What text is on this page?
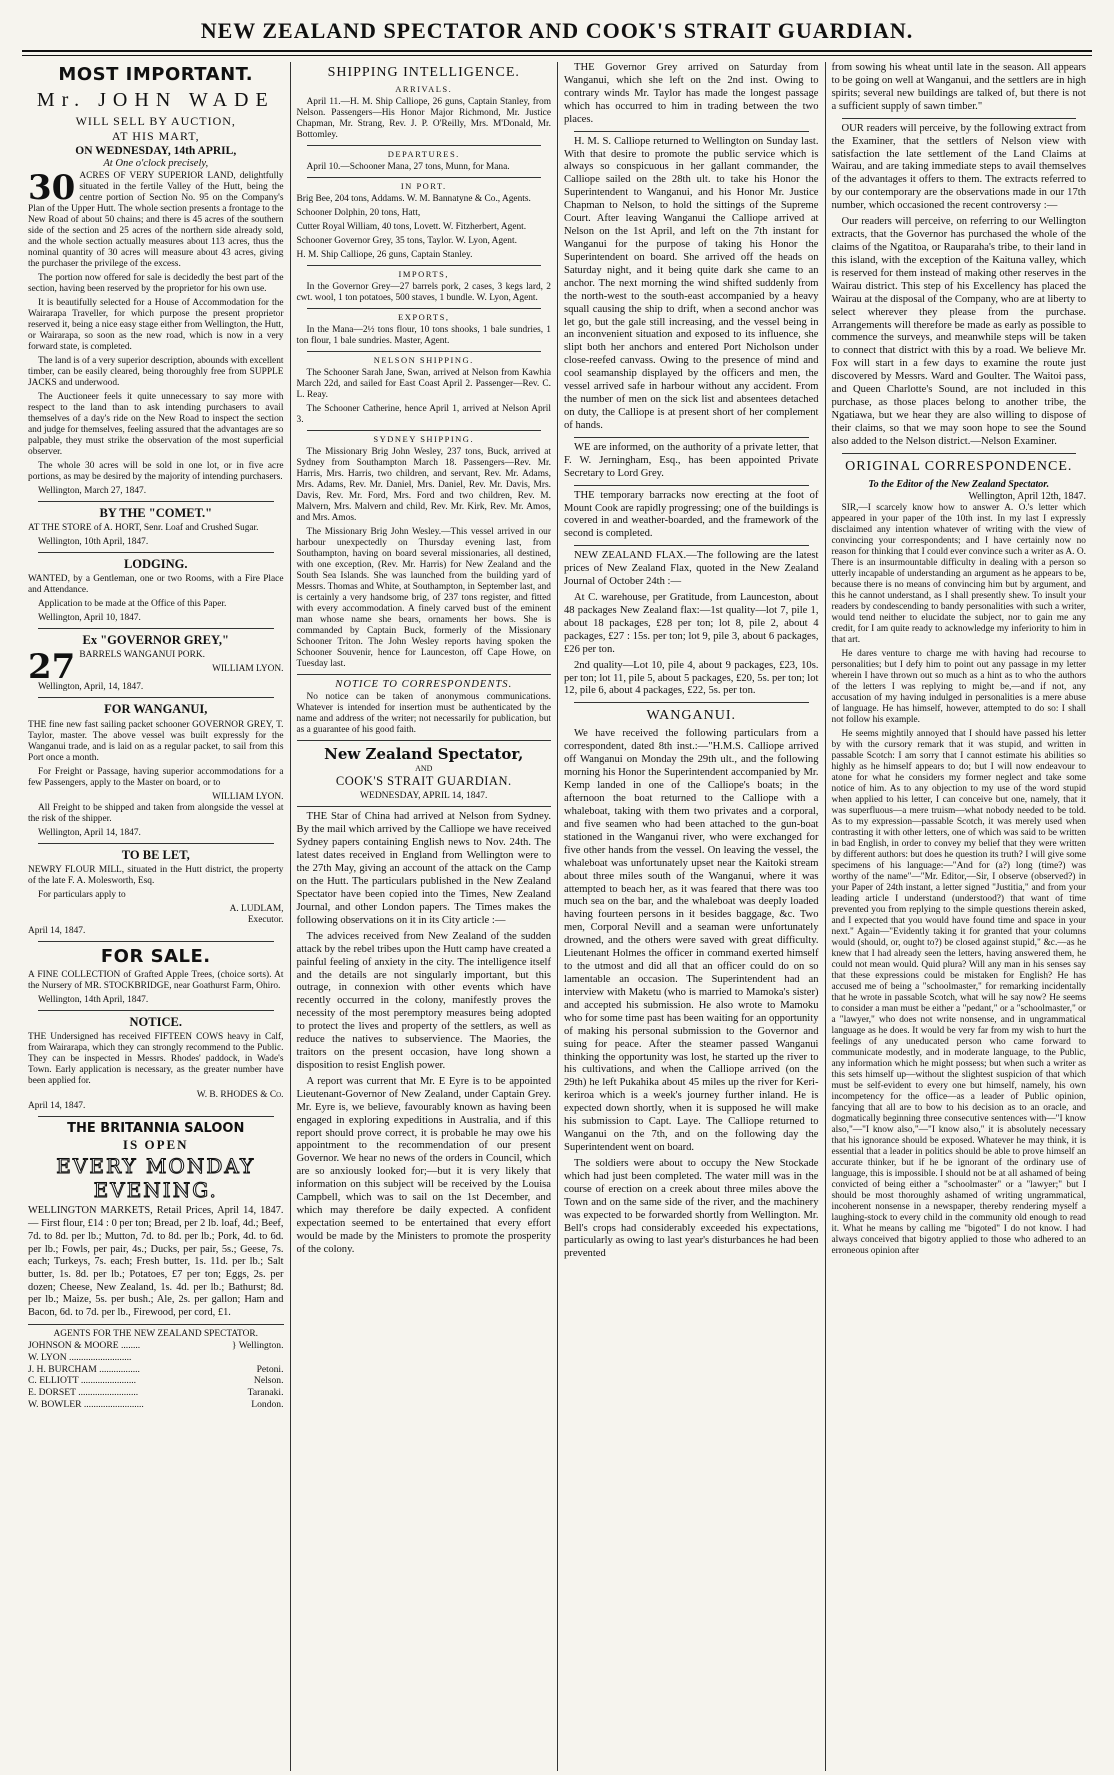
NEW ZEALAND SPECTATOR AND COOK'S STRAIT GUARDIAN.
MOST IMPORTANT.
Mr. JOHN WADE
WILL SELL BY AUCTION,
AT HIS MART,
ON WEDNESDAY, 14th APRIL,
At One o'clock precisely,
30 ACRES OF VERY SUPERIOR LAND, delightfully situated in the fertile Valley of the Hutt, being the centre portion of Section No. 95 on the Company's Plan of the Upper Hutt. The whole section presents a frontage to the New Road of about 50 chains; and there is 45 acres of the southern side of the section and 25 acres of the northern side already sold, and the whole section actually measures about 113 acres, thus the nominal quantity of 30 acres will measure about 43 acres, giving the purchaser the privilege of the excess.

The portion now offered for sale is decidedly the best part of the section, having been reserved by the proprietor for his own use.

It is beautifully selected for a House of Accommodation for the Wairarapa Traveller, for which purpose the present proprietor reserved it, being a nice easy stage either from Wellington, the Hutt, or Wairarapa, so soon as the new road, which is now in a very forward state, is completed.

The land is of a very superior description, abounds with excellent timber, can be easily cleared, being thoroughly free from SUPPLE JACKS and underwood.

The Auctioneer feels it quite unnecessary to say more with respect to the land than to ask intending purchasers to avail themselves of a day's ride on the New Road to inspect the section and judge for themselves, feeling assured that the advantages are so palpable, they must strike the observation of the most superficial observer.

The whole 30 acres will be sold in one lot, or in five acre portions, as may be desired by the majority of intending purchasers.

Wellington, March 27, 1847.

BY THE "COMET."

AT THE STORE of A. HORT, Senr. Loaf and Crushed Sugar.

Wellington, 10th April, 1847.

LODGING.

WANTED, by a Gentleman, one or two Rooms, with a Fire Place and Attendance.

Application to be made at the Office of this Paper.

Wellington, April 10, 1847.

Ex "GOVERNOR GREY,"
27 BARRELS WANGANUI PORK.

WILLIAM LYON.

Wellington, April, 14, 1847.

FOR WANGANUI,

THE fine new fast sailing packet schooner GOVERNOR GREY, T. Taylor, master. The above vessel was built expressly for the Wanganui trade, and is laid on as a regular packet, to sail from this Port once a month.

For Freight or Passage, having superior accommodations for a few Passengers, apply to the Master on board, or to

WILLIAM LYON.

All Freight to be shipped and taken from alongside the vessel at the risk of the shipper.

Wellington, April 14, 1847.

TO BE LET,

NEWRY FLOUR MILL, situated in the Hutt district, the property of the late F. A. Molesworth, Esq.

For particulars apply to

A. LUDLAM,
Executor.

April 14, 1847.

FOR SALE.

A FINE COLLECTION of Grafted Apple Trees, (choice sorts). At the Nursery of MR. STOCKBRIDGE, near Goathurst Farm, Ohiro.

Wellington, 14th April, 1847.

NOTICE.

THE Undersigned has received FIFTEEN COWS heavy in Calf, from Wairarapa, which they can strongly recommend to the Public. They can be inspected in Messrs. Rhodes' paddock, in Wade's Town. Early application is necessary, as the greater number have been applied for.

W. B. RHODES & Co.

April 14, 1847.

THE BRITANNIA SALOON
IS OPEN
EVERY MONDAY EVENING.

WELLINGTON MARKETS, Retail Prices, April 14, 1847. — First flour, £14 : 0 per ton; Bread, per 2 lb. loaf, 4d.; Beef, 7d. to 8d. per lb.; Mutton, 7d. to 8d. per lb.; Pork, 4d. to 6d. per lb.; Fowls, per pair, 4s.; Ducks, per pair, 5s.; Geese, 7s. each; Turkeys, 7s. each; Fresh butter, 1s. 11d. per lb.; Salt butter, 1s. 8d. per lb.; Potatoes, £7 per ton; Eggs, 2s. per dozen; Cheese, New Zealand, 1s. 4d. per lb.; Bathurst; 8d. per lb.; Maize, 5s. per bush.; Ale, 2s. per gallon; Ham and Bacon, 6d. to 7d. per lb., Firewood, per cord, £1.

AGENTS FOR THE NEW ZEALAND SPECTATOR.
JOHNSON & MOORE ........	} Wellington.
W. LYON ..........................	
J. H. BURCHAM .................	Petoni.
C. ELLIOTT .......................	Nelson.
E. DORSET .........................	Taranaki.
W. BOWLER .........................	London.
SHIPPING INTELLIGENCE.
ARRIVALS.

April 11.—H. M. Ship Calliope, 26 guns, Captain Stanley, from Nelson. Passengers—His Honor Major Richmond, Mr. Justice Chapman, Mr. Strang, Rev. J. P. O'Reilly, Mrs. M'Donald, Mr. Bottomley.

DEPARTURES.

April 10.—Schooner Mana, 27 tons, Munn, for Mana.

IN PORT.

Brig Bee, 204 tons, Addams. W. M. Bannatyne & Co., Agents.

Schooner Dolphin, 20 tons, Hatt,

Cutter Royal William, 40 tons, Lovett. W. Fitzherbert, Agent.

Schooner Governor Grey, 35 tons, Taylor. W. Lyon, Agent.

H. M. Ship Calliope, 26 guns, Captain Stanley.

IMPORTS,

In the Governor Grey—27 barrels pork, 2 cases, 3 kegs lard, 2 cwt. wool, 1 ton potatoes, 500 staves, 1 bundle. W. Lyon, Agent.

EXPORTS,

In the Mana—2½ tons flour, 10 tons shooks, 1 bale sundries, 1 ton flour, 1 bale sundries. Master, Agent.

NELSON SHIPPING.

The Schooner Sarah Jane, Swan, arrived at Nelson from Kawhia March 22d, and sailed for East Coast April 2. Passenger—Rev. C. L. Reay.

The Schooner Catherine, hence April 1, arrived at Nelson April 3.

SYDNEY SHIPPING.

The Missionary Brig John Wesley, 237 tons, Buck, arrived at Sydney from Southampton March 18. Passengers—Rev. Mr. Harris, Mrs. Harris, two children, and servant, Rev. Mr. Adams, Mrs. Adams, Rev. Mr. Daniel, Mrs. Daniel, Rev. Mr. Davis, Mrs. Davis, Rev. Mr. Ford, Mrs. Ford and two children, Rev. M. Malvern, Mrs. Malvern and child, Rev. Mr. Kirk, Rev. Mr. Amos, and Mrs. Amos.

The Missionary Brig John Wesley.—This vessel arrived in our harbour unexpectedly on Thursday evening last, from Southampton, having on board several missionaries, all destined, with one exception, (Rev. Mr. Harris) for New Zealand and the South Sea Islands. She was launched from the building yard of Messrs. Thomas and White, at Southampton, in September last, and is certainly a very handsome brig, of 237 tons register, and fitted with every accommodation. A finely carved bust of the eminent man whose name she bears, ornaments her bows. She is commanded by Captain Buck, formerly of the Missionary Schooner Triton. The John Wesley reports having spoken the Schooner Souvenir, hence for Launceston, off Cape Howe, on Tuesday last.

NOTICE TO CORRESPONDENTS.

No notice can be taken of anonymous communications. Whatever is intended for insertion must be authenticated by the name and address of the writer; not necessarily for publication, but as a guarantee of his good faith.

New Zealand Spectator,
AND
COOK'S STRAIT GUARDIAN.
WEDNESDAY, APRIL 14, 1847.

THE Star of China had arrived at Nelson from Sydney. By the mail which arrived by the Calliope we have received Sydney papers containing English news to Nov. 24th. The latest dates received in England from Wellington were to the 27th May, giving an account of the attack on the Camp on the Hutt. The particulars published in the New Zealand Spectator have been copied into the Times, New Zealand Journal, and other London papers. The Times makes the following observations on it in its City article :—

The advices received from New Zealand of the sudden attack by the rebel tribes upon the Hutt camp have created a painful feeling of anxiety in the city. The intelligence itself and the details are not singularly important, but this outrage, in connexion with other events which have recently occurred in the colony, manifestly proves the necessity of the most peremptory measures being adopted to protect the lives and property of the settlers, as well as reduce the natives to subservience. The Maories, the traitors on the present occasion, have long shown a disposition to resist English power.

A report was current that Mr. E Eyre is to be appointed Lieutenant-Governor of New Zealand, under Captain Grey. Mr. Eyre is, we believe, favourably known as having been engaged in exploring expeditions in Australia, and if this report should prove correct, it is probable he may owe his appointment to the recommendation of our present Governor. We hear no news of the orders in Council, which are so anxiously looked for;—but it is very likely that information on this subject will be received by the Louisa Campbell, which was to sail on the 1st December, and which may therefore be daily expected. A confident expectation seemed to be entertained that every effort would be made by the Ministers to promote the prosperity of the colony.

THE Governor Grey arrived on Saturday from Wanganui, which she left on the 2nd inst. Owing to contrary winds Mr. Taylor has made the longest passage which has occurred to him in trading between the two places.

H. M. S. Calliope returned to Wellington on Sunday last. With that desire to promote the public service which is always so conspicuous in her gallant commander, the Calliope sailed on the 28th ult. to take his Honor the Superintendent to Wanganui, and his Honor Mr. Justice Chapman to Nelson, to hold the sittings of the Supreme Court. After leaving Wanganui the Calliope arrived at Nelson on the 1st April, and left on the 7th instant for Wanganui for the purpose of taking his Honor the Superintendent on board. She arrived off the heads on Saturday night, and it being quite dark she came to an anchor. The next morning the wind shifted suddenly from the north-west to the south-east accompanied by a heavy squall causing the ship to drift, when a second anchor was let go, but the gale still increasing, and the vessel being in an inconvenient situation and exposed to its influence, she slipt both her anchors and entered Port Nicholson under close-reefed canvass. Owing to the presence of mind and cool seamanship displayed by the officers and men, the vessel arrived safe in harbour without any accident. From the number of men on the sick list and absentees detached on duty, the Calliope is at present short of her complement of hands.

WE are informed, on the authority of a private letter, that F. W. Jerningham, Esq., has been appointed Private Secretary to Lord Grey.

THE temporary barracks now erecting at the foot of Mount Cook are rapidly progressing; one of the buildings is covered in and weather-boarded, and the framework of the second is completed.

NEW ZEALAND FLAX.—The following are the latest prices of New Zealand Flax, quoted in the New Zealand Journal of October 24th :—

At C. warehouse, per Gratitude, from Launceston, about 48 packages New Zealand flax:—1st quality—lot 7, pile 1, about 18 packages, £28 per ton; lot 8, pile 2, about 4 packages, £27 : 15s. per ton; lot 9, pile 3, about 6 packages, £26 per ton.

2nd quality—Lot 10, pile 4, about 9 packages, £23, 10s. per ton; lot 11, pile 5, about 5 packages, £20, 5s. per ton; lot 12, pile 6, about 4 packages, £22, 5s. per ton.

WANGANUI.

We have received the following particulars from a correspondent, dated 8th inst.:—"H.M.S. Calliope arrived off Wanganui on Monday the 29th ult., and the following morning his Honor the Superintendent accompanied by Mr. Kemp landed in one of the Calliope's boats; in the afternoon the boat returned to the Calliope with a whaleboat, taking with them two privates and a corporal, and five seamen who had been attached to the gun-boat stationed in the Wanganui river, who were exchanged for five other hands from the vessel. On leaving the vessel, the whaleboat was unfortunately upset near the Kaitoki stream about three miles south of the Wanganui, where it was attempted to beach her, as it was feared that there was too much sea on the bar, and the whaleboat was deeply loaded having fourteen persons in it besides baggage, &c. Two men, Corporal Nevill and a seaman were unfortunately drowned, and the others were saved with great difficulty. Lieutenant Holmes the officer in command exerted himself to the utmost and did all that an officer could do on so lamentable an occasion. The Superintendent had an interview with Maketu (who is married to Mamoka's sister) and accepted his submission. He also wrote to Mamoku who for some time past has been waiting for an opportunity of making his personal submission to the Governor and suing for peace. After the steamer passed Wanganui thinking the opportunity was lost, he started up the river to his cultivations, and when the Calliope arrived (on the 29th) he left Pukahika about 45 miles up the river for Keri-keriroa which is a week's journey further inland. He is expected down shortly, when it is supposed he will make his submission to Capt. Laye. The Calliope returned to Wanganui on the 7th, and on the following day the Superintendent went on board.

The soldiers were about to occupy the New Stockade which had just been completed. The water mill was in the course of erection on a creek about three miles above the Town and on the same side of the river, and the machinery was expected to be forwarded shortly from Wellington. Mr. Bell's crops had considerably exceeded his expectations, particularly as owing to last year's disturbances he had been prevented

from sowing his wheat until late in the season. All appears to be going on well at Wanganui, and the settlers are in high spirits; several new buildings are talked of, but there is not a sufficient supply of sawn timber."

OUR readers will perceive, by the following extract from the Examiner, that the settlers of Nelson view with satisfaction the late settlement of the Land Claims at Wairau, and are taking immediate steps to avail themselves of the advantages it offers to them. The extracts referred to by our contemporary are the observations made in our 17th number, which occasioned the recent controversy :—

Our readers will perceive, on referring to our Wellington extracts, that the Governor has purchased the whole of the claims of the Ngatitoa, or Rauparaha's tribe, to their land in this island, with the exception of the Kaituna valley, which is reserved for them instead of making other reserves in the Wairau district. This step of his Excellency has placed the Wairau at the disposal of the Company, who are at liberty to select wherever they please from the purchase. Arrangements will therefore be made as early as possible to commence the surveys, and meanwhile steps will be taken to connect that district with this by a road. We believe Mr. Fox will start in a few days to examine the route just discovered by Messrs. Ward and Goulter. The Waitoi pass, and Queen Charlotte's Sound, are not included in this purchase, as those places belong to another tribe, the Ngatiawa, but we hear they are also willing to dispose of their claims, so that we may soon hope to see the Sound also added to the Nelson district.—Nelson Examiner.

ORIGINAL CORRESPONDENCE.
To the Editor of the New Zealand Spectator.
Wellington, April 12th, 1847.

SIR,—I scarcely know how to answer A. O.'s letter which appeared in your paper of the 10th inst. In my last I expressly disclaimed any intention whatever of writing with the view of convincing your correspondents; and I have certainly now no reason for thinking that I could ever convince such a writer as A. O. There is an insurmountable difficulty in dealing with a person so utterly incapable of understanding an argument as he appears to be, because there is no means of convincing him but by argument, and this he cannot understand, as I shall presently shew. To insult your readers by condescending to bandy personalities with such a writer, would tend neither to elucidate the subject, nor to gain me any credit, for I am quite ready to acknowledge my inferiority to him in that art.

He dares venture to charge me with having had recourse to personalities; but I defy him to point out any passage in my letter wherein I have thrown out so much as a hint as to who the authors of the letters I was replying to might be,—and if not, any accusation of my having indulged in personalities is a mere abuse of language. He has himself, however, attempted to do so: I shall not follow his example.

He seems mightily annoyed that I should have passed his letter by with the cursory remark that it was stupid, and written in passable Scotch: I am sorry that I cannot estimate his abilities so highly as he himself appears to do; but I will now endeavour to atone for what he considers my former neglect and take some notice of him. As to any objection to my use of the word stupid when applied to his letter, I can conceive but one, namely, that it was superfluous—a mere truism—what nobody needed to be told. As to my expression—passable Scotch, it was merely used when contrasting it with other letters, one of which was said to be written in bad English, in order to convey my belief that they were written by different authors: but does he question its truth? I will give some specimens of his language:—"And for (a?) long (time?) was worthy of the name"—"Mr. Editor,—Sir, I observe (observed?) in your Paper of 24th instant, a letter signed "Justitia," and from your leading article I understand (understood?) that want of time prevented you from replying to the simple questions therein asked, and I expected that you would have found time and space in your next." Again—"Evidently taking it for granted that your columns would (should, or, ought to?) be closed against stupid," &c.—as he knew that I had already seen the letters, having answered them, he could not mean would. Quid plura? Will any man in his senses say that these expressions could be mistaken for English? He has accused me of being a "schoolmaster," for remarking incidentally that he wrote in passable Scotch, what will he say now? He seems to consider a man must be either a "pedant," or a "schoolmaster," or a "lawyer," who does not write nonsense, and in ungrammatical language as he does. It would be very far from my wish to hurt the feelings of any uneducated person who came forward to communicate modestly, and in moderate language, to the Public, any information which he might possess; but when such a writer as this sets himself up—without the slightest suspicion of that which must be self-evident to every one but himself, namely, his own incompetency for the office—as a leader of Public opinion, fancying that all are to bow to his decision as to an oracle, and dogmatically beginning three consecutive sentences with—"I know also,"—"I know also,"—"I know also," it is absolutely necessary that his ignorance should be exposed. Whatever he may think, it is essential that a leader in politics should be able to prove himself an accurate thinker, but if he be ignorant of the ordinary use of language, this is impossible. I should not be at all ashamed of being convicted of being either a "schoolmaster" or a "lawyer;" but I should be most thoroughly ashamed of writing ungrammatical, incoherent nonsense in a newspaper, thereby rendering myself a laughing-stock to every child in the community old enough to read it. What he means by calling me "bigoted" I do not know. I had always conceived that bigotry applied to those who adhered to an erroneous opinion after
